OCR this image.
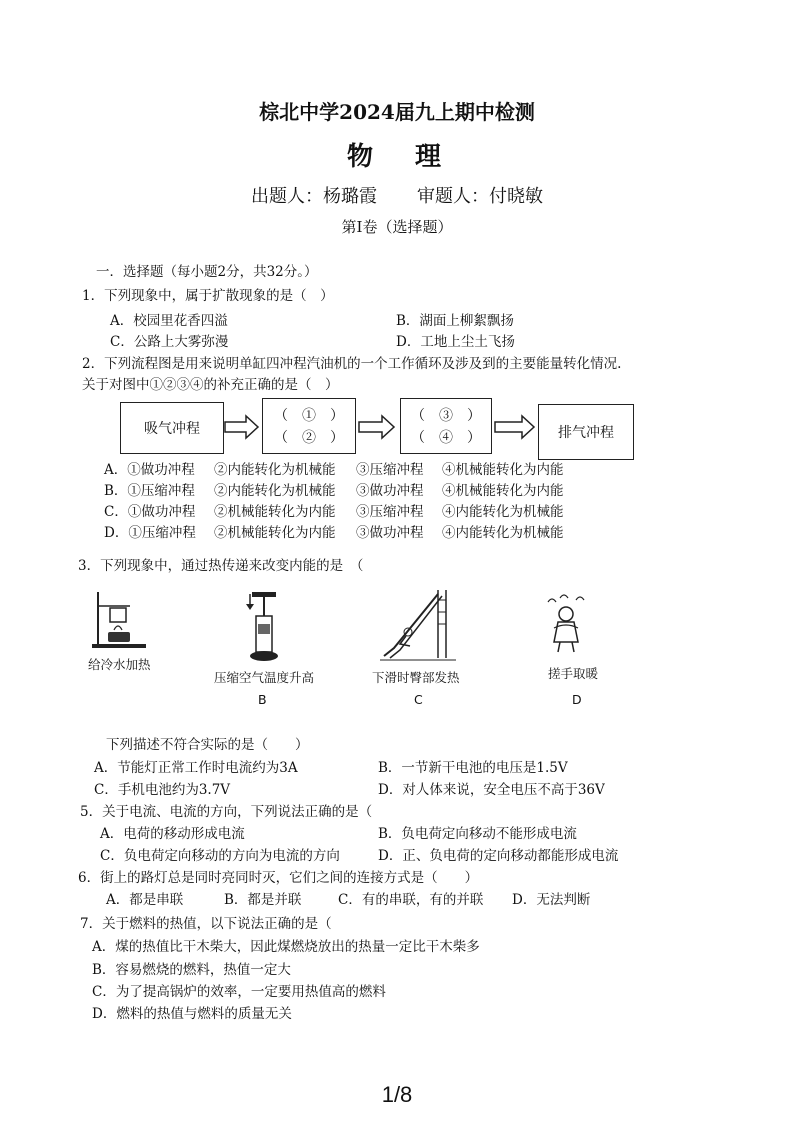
棕北中学2024届九上期中检测
物 理
出题人：杨璐霞 审题人：付晓敏
第Ⅰ卷（选择题）
一．选择题（每小题2分，共32分。）
1．下列现象中，属于扩散现象的是（　）
A．校园里花香四溢	B．湖面上柳絮飘扬
C．公路上大雾弥漫	D．工地上尘土飞扬
2．下列流程图是用来说明单缸四冲程汽油机的一个工作循环及涉及到的主要能量转化情况.
关于对图中①②③④的补充正确的是（　）
吸气冲程
（　①　）
（　②　）
（　③　）
（　④　）	排气冲程
A．①做功冲程 ②内能转化为机械能 ③压缩冲程 ④机械能转化为内能
B．①压缩冲程 ②内能转化为机械能 ③做功冲程 ④机械能转化为内能
C．①做功冲程 ②机械能转化为内能 ③压缩冲程 ④内能转化为机械能
D．①压缩冲程 ②机械能转化为内能 ③做功冲程 ④内能转化为机械能
3．下列现象中，通过热传递来改变内能的是　（
给冷水加热
压缩空气温度升高
B
下滑时臀部发热
C
搓手取暖
D
下列描述不符合实际的是（　　）
A．节能灯正常工作时电流约为3A	B．一节新干电池的电压是1.5V
C．手机电池约为3.7V	D．对人体来说，安全电压不高于36V
5．关于电流、电流的方向，下列说法正确的是（
A．电荷的移动形成电流	B．负电荷定向移动不能形成电流
C．负电荷定向移动的方向为电流的方向	D．正、负电荷的定向移动都能形成电流
6．街上的路灯总是同时亮同时灭，它们之间的连接方式是（　　）
A．都是串联	B．都是并联	C．有的串联，有的并联 D．无法判断
7．关于燃料的热值，以下说法正确的是（
A．煤的热值比干木柴大，因此煤燃烧放出的热量一定比干木柴多
B．容易燃烧的燃料，热值一定大
C．为了提高锅炉的效率，一定要用热值高的燃料
D．燃料的热值与燃料的质量无关
1/8
